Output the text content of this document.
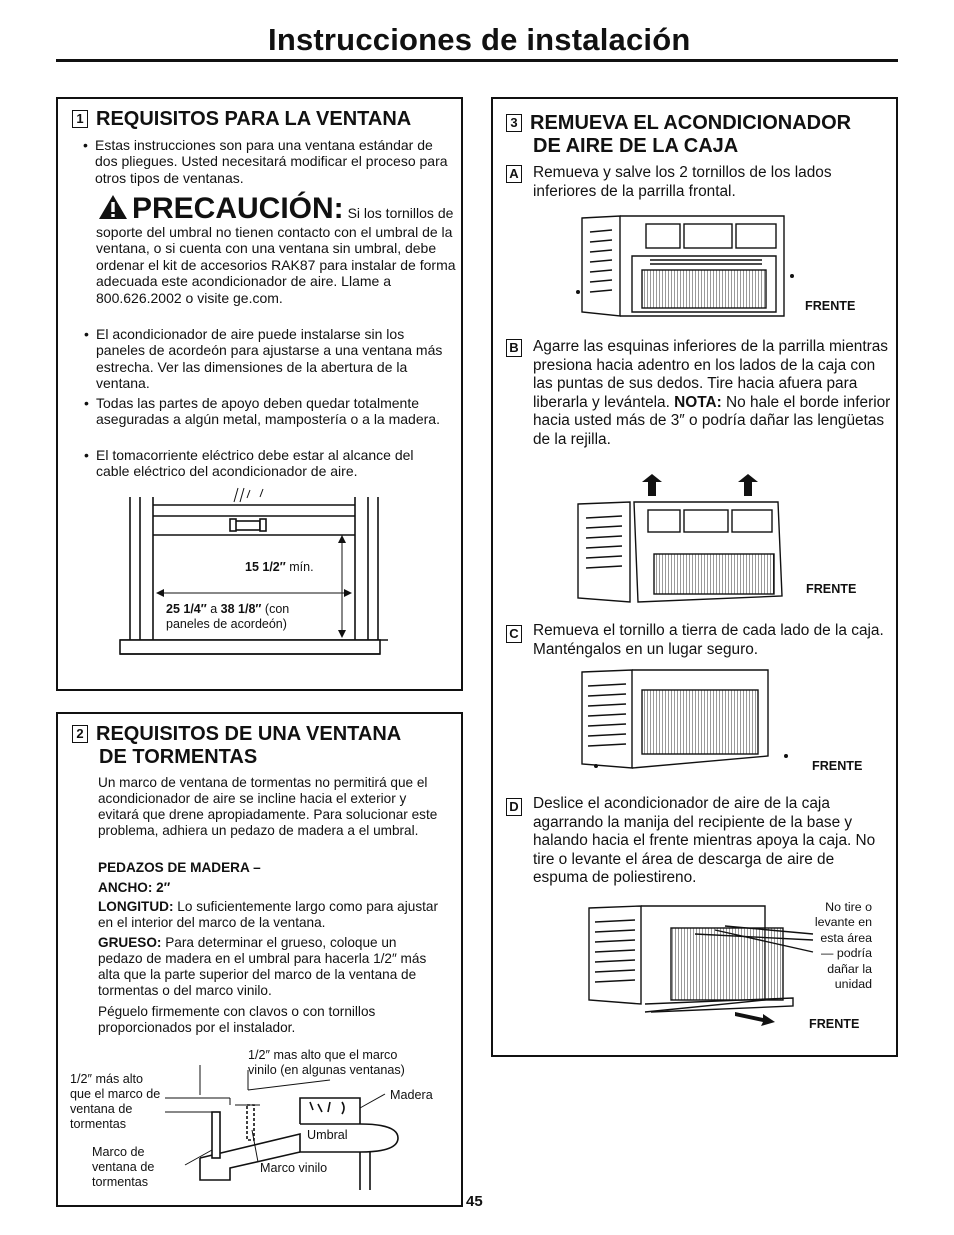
Instrucciones de instalación
1 REQUISITOS PARA LA VENTANA
• Estas instrucciones son para una ventana estándar de dos pliegues. Usted necesitará modificar el proceso para otros tipos de ventanas.
PRECAUCIÓN: Si los tornillos de soporte del umbral no tienen contacto con el umbral de la ventana, o si cuenta con una ventana sin umbral, debe ordenar el kit de accesorios RAK87 para instalar de forma adecuada este acondicionador de aire. Llame a 800.626.2002 o visite ge.com.
• El acondicionador de aire puede instalarse sin los paneles de acordeón para ajustarse a una ventana más estrecha. Ver las dimensiones de la abertura de la ventana.
• Todas las partes de apoyo deben quedar totalmente aseguradas a algún metal, mampostería o a la madera.
• El tomacorriente eléctrico debe estar al alcance del cable eléctrico del acondicionador de aire.
15 1/2″ mín.
25 1/4″ a 38 1/8″ (con
paneles de acordeón)
2 REQUISITOS DE UNA VENTANA
DE TORMENTAS
Un marco de ventana de tormentas no permitirá que el acondicionador de aire se incline hacia el exterior y evitará que drene apropiadamente. Para solucionar este problema, adhiera un pedazo de madera a el umbral.
PEDAZOS DE MADERA –
ANCHO: 2″
LONGITUD: Lo suficientemente largo como para ajustar en el interior del marco de la ventana.
GRUESO: Para determinar el grueso, coloque un pedazo de madera en el umbral para hacerla 1/2″ más alta que la parte superior del marco de la ventana de tormentas o del marco vinilo.
Péguelo firmemente con clavos o con tornillos proporcionados por el instalador.
1/2″ más alto que el marco de ventana de tormentas
1/2″ mas alto que el marco vinilo (en algunas ventanas)
Madera
Umbral
Marco de ventana de tormentas
Marco vinilo
3 REMUEVA EL ACONDICIONADOR
DE AIRE DE LA CAJA
A Remueva y salve los 2 tornillos de los lados inferiores de la parrilla frontal.
FRENTE
B Agarre las esquinas inferiores de la parrilla mientras presiona hacia adentro en los lados de la caja con las puntas de sus dedos. Tire hacia afuera para liberarla y levántela. NOTA: No hale el borde inferior hacia usted más de 3″ o podría dañar las lengüetas de la rejilla.
FRENTE
C Remueva el tornillo a tierra de cada lado de la caja. Manténgalos en un lugar seguro.
FRENTE
D Deslice el acondicionador de aire de la caja agarrando la manija del recipiente de la base y halando hacia el frente mientras apoya la caja. No tire o levante el área de descarga de aire de espuma de poliestireno.
No tire o levante en esta área— podría dañar la unidad
FRENTE
45
